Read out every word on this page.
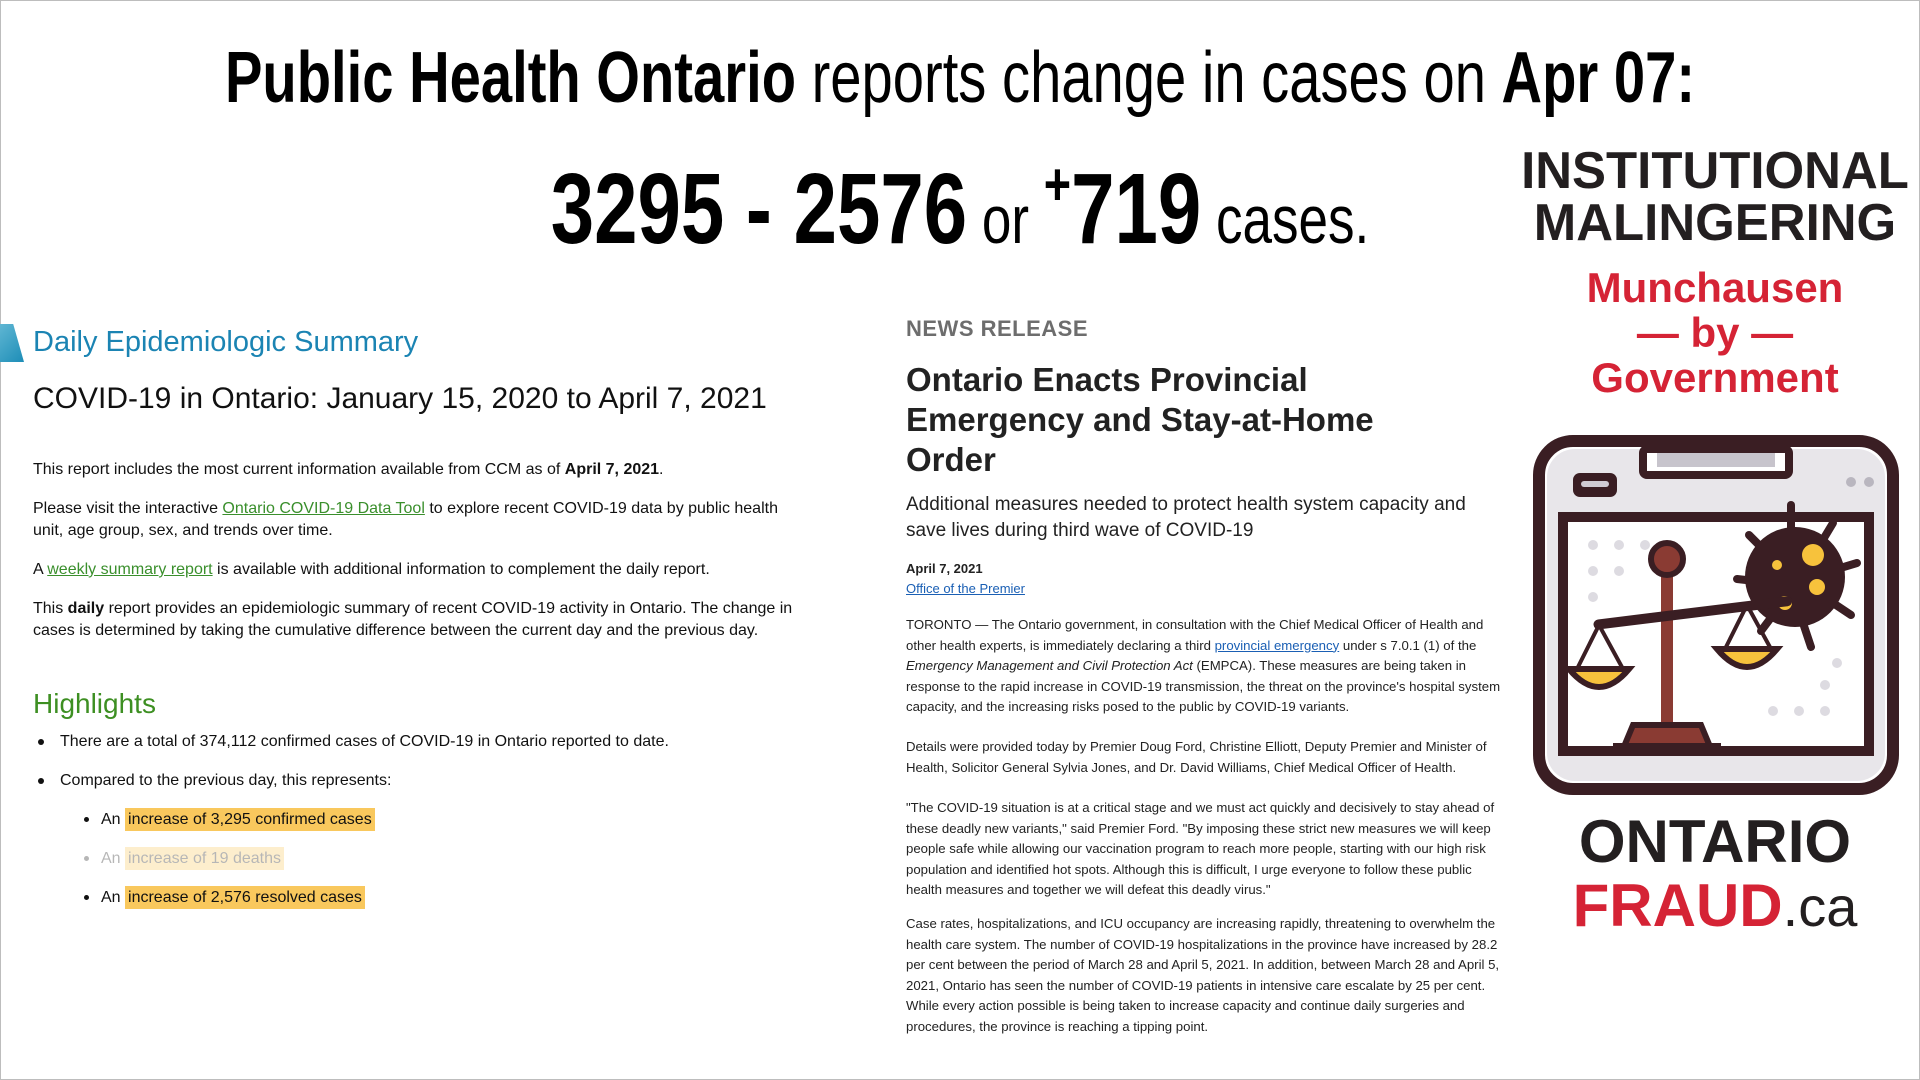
Public Health Ontario reports change in cases on Apr 07:
3295 - 2576 or +719 cases.
Daily Epidemiologic Summary
COVID-19 in Ontario: January 15, 2020 to April 7, 2021
This report includes the most current information available from CCM as of April 7, 2021.
Please visit the interactive Ontario COVID-19 Data Tool to explore recent COVID-19 data by public health unit, age group, sex, and trends over time.
A weekly summary report is available with additional information to complement the daily report.
This daily report provides an epidemiologic summary of recent COVID-19 activity in Ontario. The change in cases is determined by taking the cumulative difference between the current day and the previous day.
Highlights
There are a total of 374,112 confirmed cases of COVID-19 in Ontario reported to date.
Compared to the previous day, this represents:
An increase of 3,295 confirmed cases
An increase of 19 deaths
An increase of 2,576 resolved cases
NEWS RELEASE
Ontario Enacts Provincial Emergency and Stay-at-Home Order
Additional measures needed to protect health system capacity and save lives during third wave of COVID-19
April 7, 2021
Office of the Premier
TORONTO — The Ontario government, in consultation with the Chief Medical Officer of Health and other health experts, is immediately declaring a third provincial emergency under s 7.0.1 (1) of the Emergency Management and Civil Protection Act (EMPCA). These measures are being taken in response to the rapid increase in COVID-19 transmission, the threat on the province's hospital system capacity, and the increasing risks posed to the public by COVID-19 variants.
Details were provided today by Premier Doug Ford, Christine Elliott, Deputy Premier and Minister of Health, Solicitor General Sylvia Jones, and Dr. David Williams, Chief Medical Officer of Health.
"The COVID-19 situation is at a critical stage and we must act quickly and decisively to stay ahead of these deadly new variants," said Premier Ford. "By imposing these strict new measures we will keep people safe while allowing our vaccination program to reach more people, starting with our high risk population and identified hot spots. Although this is difficult, I urge everyone to follow these public health measures and together we will defeat this deadly virus."
Case rates, hospitalizations, and ICU occupancy are increasing rapidly, threatening to overwhelm the health care system. The number of COVID-19 hospitalizations in the province have increased by 28.2 per cent between the period of March 28 and April 5, 2021. In addition, between March 28 and April 5, 2021, Ontario has seen the number of COVID-19 patients in intensive care escalate by 25 per cent. While every action possible is being taken to increase capacity and continue daily surgeries and procedures, the province is reaching a tipping point.
INSTITUTIONAL
MALINGERING
Munchausen
— by —
Government
ONTARIO
FRAUD.ca
